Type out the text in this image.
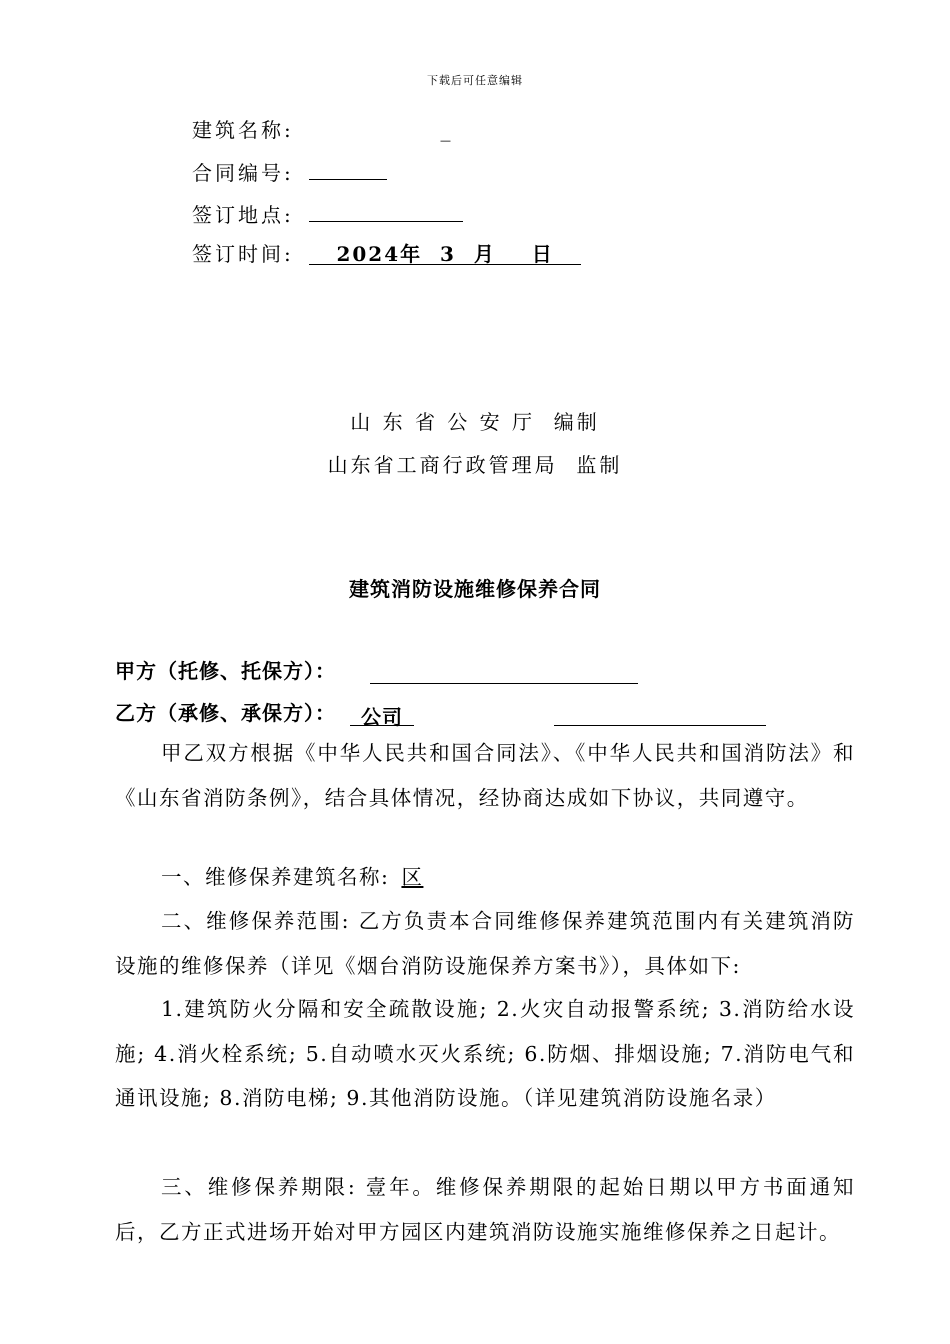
下载后可任意编辑
建筑名称:	_
合同编号:
签订地点:
签订时间: 2024年  3  月    日
山 东 省 公 安 厅  编制
山东省工商行政管理局  监制
建筑消防设施维修保养合同
甲方（托修、托保方）：
乙方（承修、承保方）： 公司
甲乙双方根据《中华人民共和国合同法》、《中华人民共和国消防法》和《山东省消防条例》，结合具体情况，经协商达成如下协议，共同遵守。
一、维修保养建筑名称: 区
二、维修保养范围: 乙方负责本合同维修保养建筑范围内有关建筑消防设施的维修保养（详见《烟台消防设施保养方案书》），具体如下:
1.建筑防火分隔和安全疏散设施; 2.火灾自动报警系统; 3.消防给水设施; 4.消火栓系统; 5.自动喷水灭火系统; 6.防烟、排烟设施; 7.消防电气和通讯设施; 8.消防电梯; 9.其他消防设施。（详见建筑消防设施名录）
三、维修保养期限: 壹年。维修保养期限的起始日期以甲方书面通知后，乙方正式进场开始对甲方园区内建筑消防设施实施维修保养之日起计。
